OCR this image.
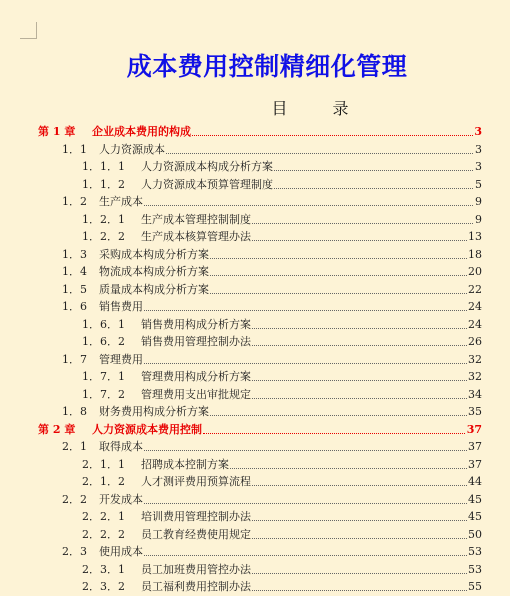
成本费用控制精细化管理
目 录
第 1 章 企业成本费用的构成	3
1．1 人力资源成本	3
1．1．1 人力资源成本构成分析方案	3
1．1．2 人力资源成本预算管理制度	5
1．2 生产成本	9
1．2．1 生产成本管理控制制度	9
1．2．2 生产成本核算管理办法	13
1．3 采购成本构成分析方案	18
1．4 物流成本构成分析方案	20
1．5 质量成本构成分析方案	22
1．6 销售费用	24
1．6．1 销售费用构成分析方案	24
1．6．2 销售费用管理控制办法	26
1．7 管理费用	32
1．7．1 管理费用构成分析方案	32
1．7．2 管理费用支出审批规定	34
1．8 财务费用构成分析方案	35
第 2 章 人力资源成本费用控制	37
2．1 取得成本	37
2．1．1 招聘成本控制方案	37
2．1．2 人才测评费用预算流程	44
2．2 开发成本	45
2．2．1 培训费用管理控制办法	45
2．2．2 员工教育经费使用规定	50
2．3 使用成本	53
2．3．1 员工加班费用管控办法	53
2．3．2 员工福利费用控制办法	55
